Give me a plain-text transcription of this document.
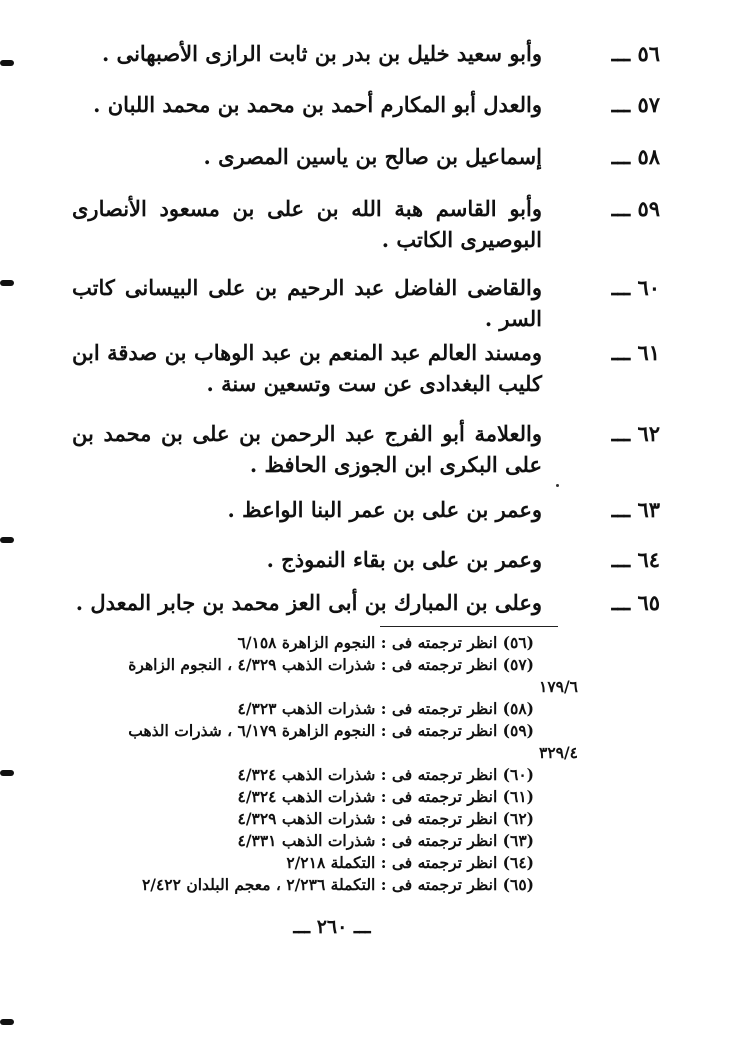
٥٦ ـــ
وأبو سعيد خليل بن بدر بن ثابت الرازى الأصبهانى .
٥٧ ـــ
والعدل أبو المكارم أحمد بن محمد بن محمد اللبان .
٥٨ ـــ
إسماعيل بن صالح بن ياسين المصرى .
٥٩ ـــ
وأبو القاسم هبة الله بن على بن مسعود الأنصارى البوصيرى الكاتب .
٦٠ ـــ
والقاضى الفاضل عبد الرحيم بن على البيسانى كاتب السر .
٦١ ـــ
ومسند العالم عبد المنعم بن عبد الوهاب بن صدقة ابن كليب البغدادى عن ست وتسعين سنة .
٦٢ ـــ
والعلامة أبو الفرج عبد الرحمن بن على بن محمد بن على البكرى ابن الجوزى الحافظ .
٦٣ ـــ
وعمر بن على بن عمر البنا الواعظ .
٦٤ ـــ
وعمر بن على بن بقاء النموذج .
٦٥ ـــ
وعلى بن المبارك بن أبى العز محمد بن جابر المعدل .
(٥٦) انظر ترجمته فى : النجوم الزاهرة ٦/١٥٨
(٥٧) انظر ترجمته فى : شذرات الذهب ٤/٣٢٩ ، النجوم الزاهرة
١٧٩/٦
(٥٨) انظر ترجمته فى : شذرات الذهب ٤/٣٢٣
(٥٩) انظر ترجمته فى : النجوم الزاهرة ٦/١٧٩ ، شذرات الذهب
٣٢٩/٤
(٦٠) انظر ترجمته فى : شذرات الذهب ٤/٣٢٤
(٦١) انظر ترجمته فى : شذرات الذهب ٤/٣٢٤
(٦٢) انظر ترجمته فى : شذرات الذهب ٤/٣٢٩
(٦٣) انظر ترجمته فى : شذرات الذهب ٤/٣٣١
(٦٤) انظر ترجمته فى : التكملة ٢/٢١٨
(٦٥) انظر ترجمته فى : التكملة ٢/٢٣٦ ، معجم البلدان ٢/٤٢٢
ـــ ٢٦٠ ـــ
